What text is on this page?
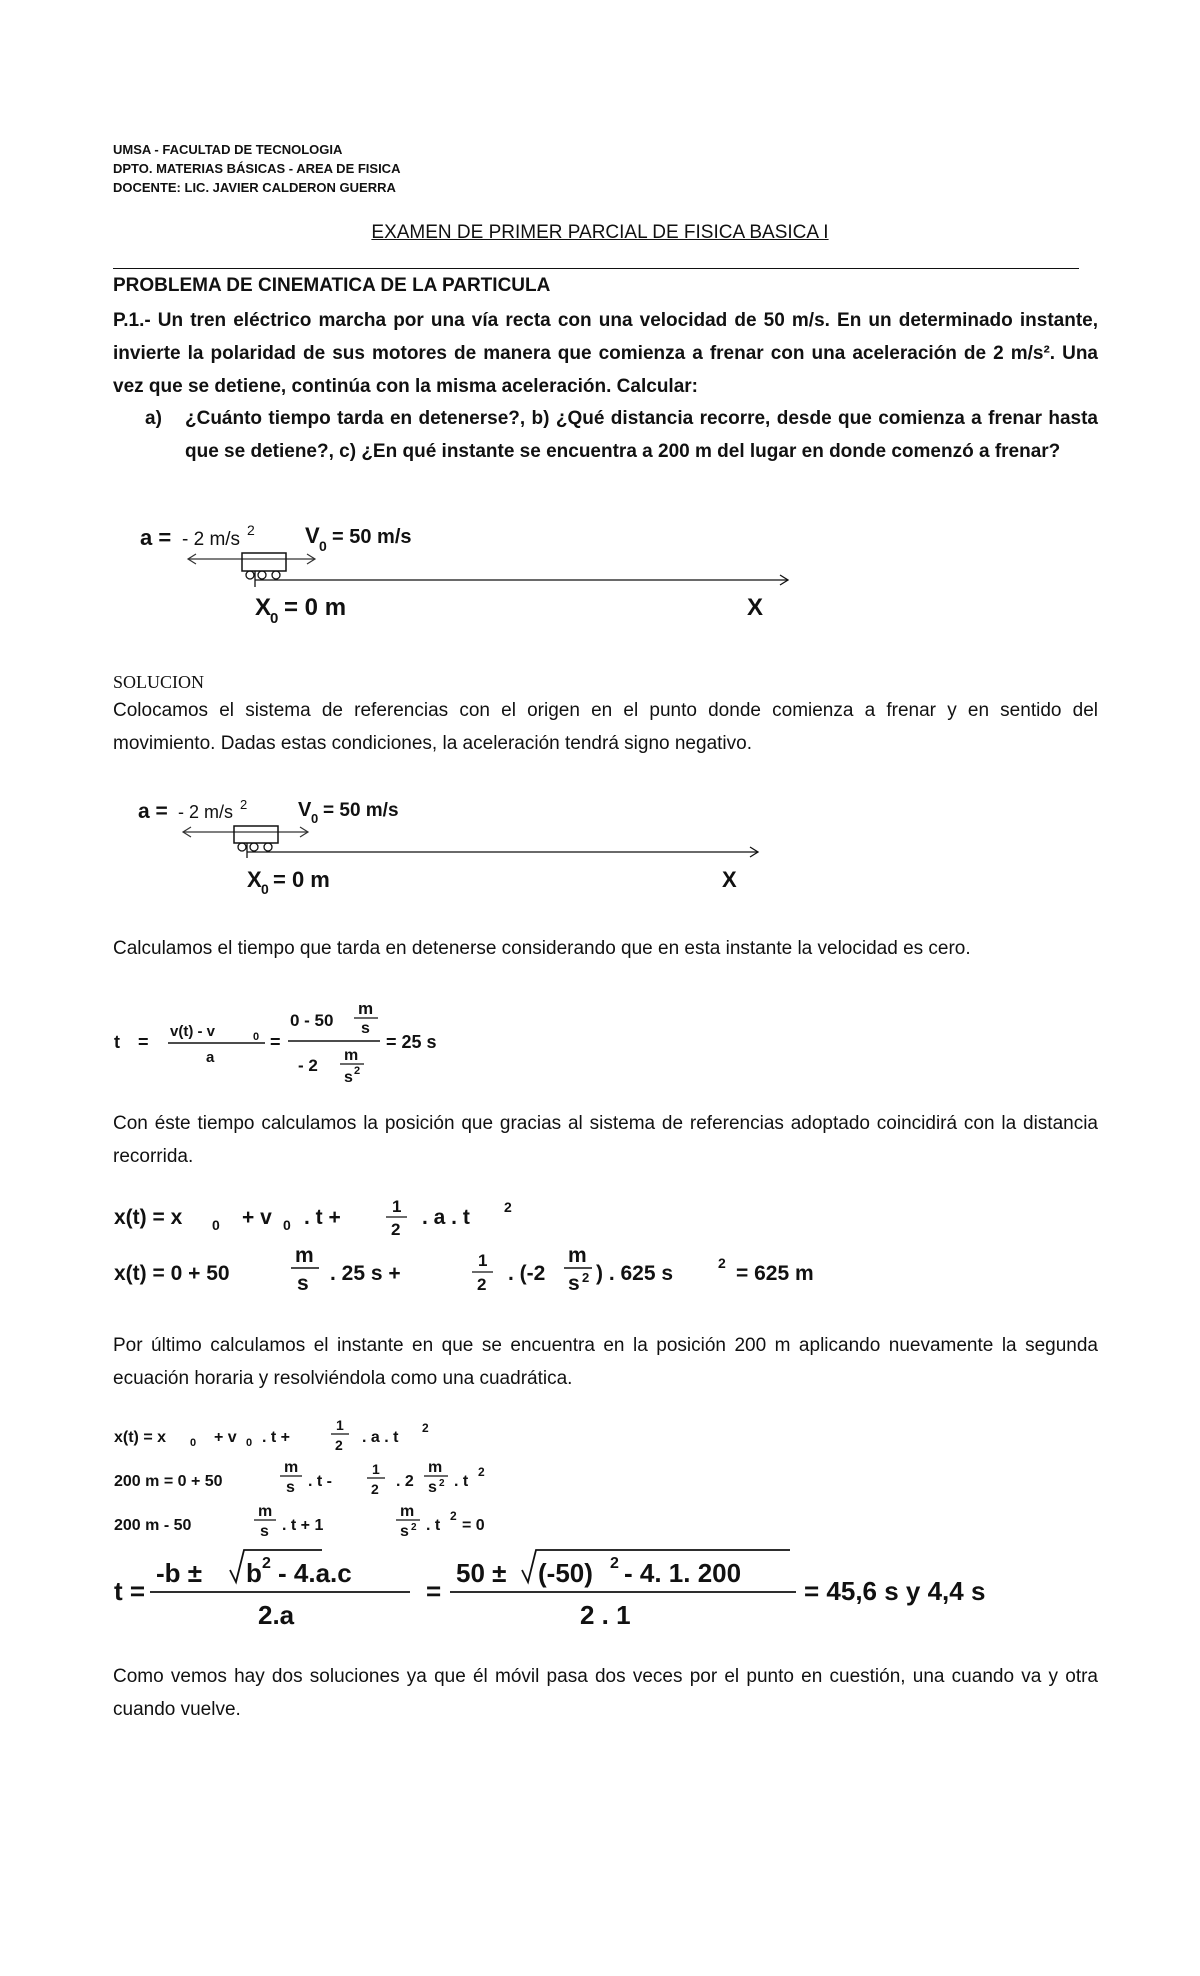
UMSA - FACULTAD DE TECNOLOGIA
DPTO. MATERIAS BÁSICAS - AREA DE FISICA
DOCENTE: LIC. JAVIER CALDERON GUERRA
EXAMEN DE PRIMER PARCIAL DE FISICA BASICA I
PROBLEMA DE CINEMATICA DE LA PARTICULA
P.1.- Un tren eléctrico marcha por una vía recta con una velocidad de 50 m/s. En un determinado instante, invierte la polaridad de sus motores de manera que comienza a frenar con una aceleración de 2 m/s². Una vez que se detiene, continúa con la misma aceleración. Calcular:
a) ¿Cuánto tiempo tarda en detenerse?, b) ¿Qué distancia recorre, desde que comienza a frenar hasta que se detiene?, c) ¿En qué instante se encuentra a 200 m del lugar en donde comenzó a frenar?
a = - 2 m/s 2 V 0 = 50 m/s
X
0 = 0 m	X
SOLUCION
Colocamos el sistema de referencias con el origen en el punto donde comienza a frenar y en sentido del movimiento. Dadas estas condiciones, la aceleración tendrá signo negativo.
a = - 2 m/s 2	V 0 = 50 m/s
X 0 = 0 m	X
Calculamos el tiempo que tarda en detenerse considerando que en esta instante la velocidad es cero.
t =
v(t) - v	0
a
=
0 - 50
m
s
- 2
m
s 2
= 25 s
Con éste tiempo calculamos la posición que gracias al sistema de referencias adoptado coincidirá con la distancia recorrida.
x(t) = x 0 + v 0 . t +	1
2
. a . t 2
x(t) = 0 + 50
m
s . 25 s +
1
2 . (-2
m
s 2 ) . 625 s	2 = 625 m
Por último calculamos el instante en que se encuentra en la posición 200 m aplicando nuevamente la segunda ecuación horaria y resolviéndola como una cuadrática.
x(t) = x 0 + v 0 . t +
1
2 . a . t
2
200 m = 0 + 50
m
s . t -
1
2 . 2
m
s 2 . t
2
200 m - 50
m
s . t + 1
m
s 2 . t
2
= 0
t =
-b ± b 2 - 4.a.c
2.a
=
50 ± (-50) 2 - 4. 1. 200
2 . 1
= 45,6 s y 4,4 s
Como vemos hay dos soluciones ya que él móvil pasa dos veces por el punto en cuestión, una cuando va y otra cuando vuelve.
